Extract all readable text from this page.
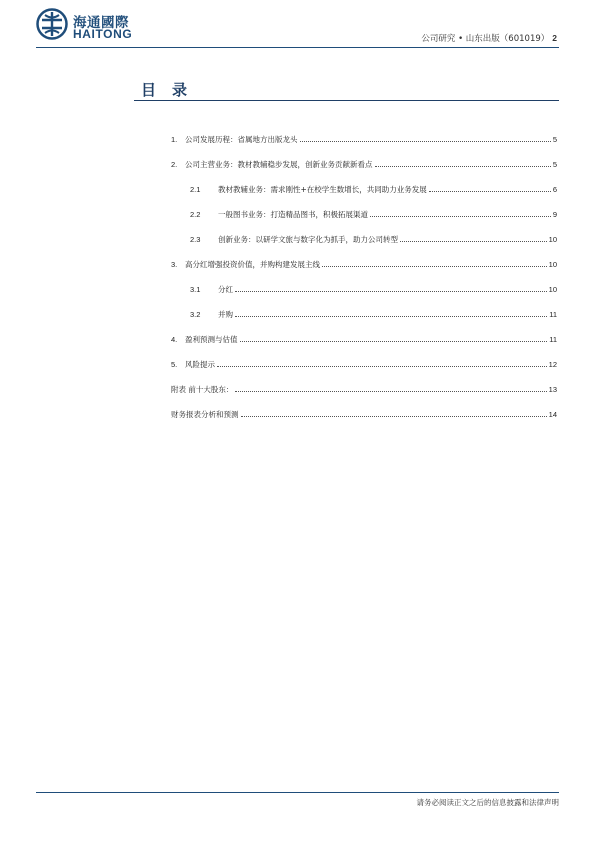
海通國際
HAITONG	公司研究 • 山东出版（601019） 2
目录
1.	公司发展历程：省属地方出版龙头	5
2.	公司主营业务：教材教辅稳步发展，创新业务贡献新看点	5
2.1	教材教辅业务：需求刚性+在校学生数增长，共同助力业务发展	6
2.2	一般图书业务：打造精品图书，积极拓展渠道	9
2.3	创新业务：以研学文旅与数字化为抓手，助力公司转型	10
3.	高分红增强投资价值，并购构建发展主线	10
3.1	分红	10
3.2	并购	11
4.	盈利预测与估值	11
5.	风险提示	12
附表 前十大股东：	13
财务报表分析和预测	14
请务必阅读正文之后的信息披露和法律声明
